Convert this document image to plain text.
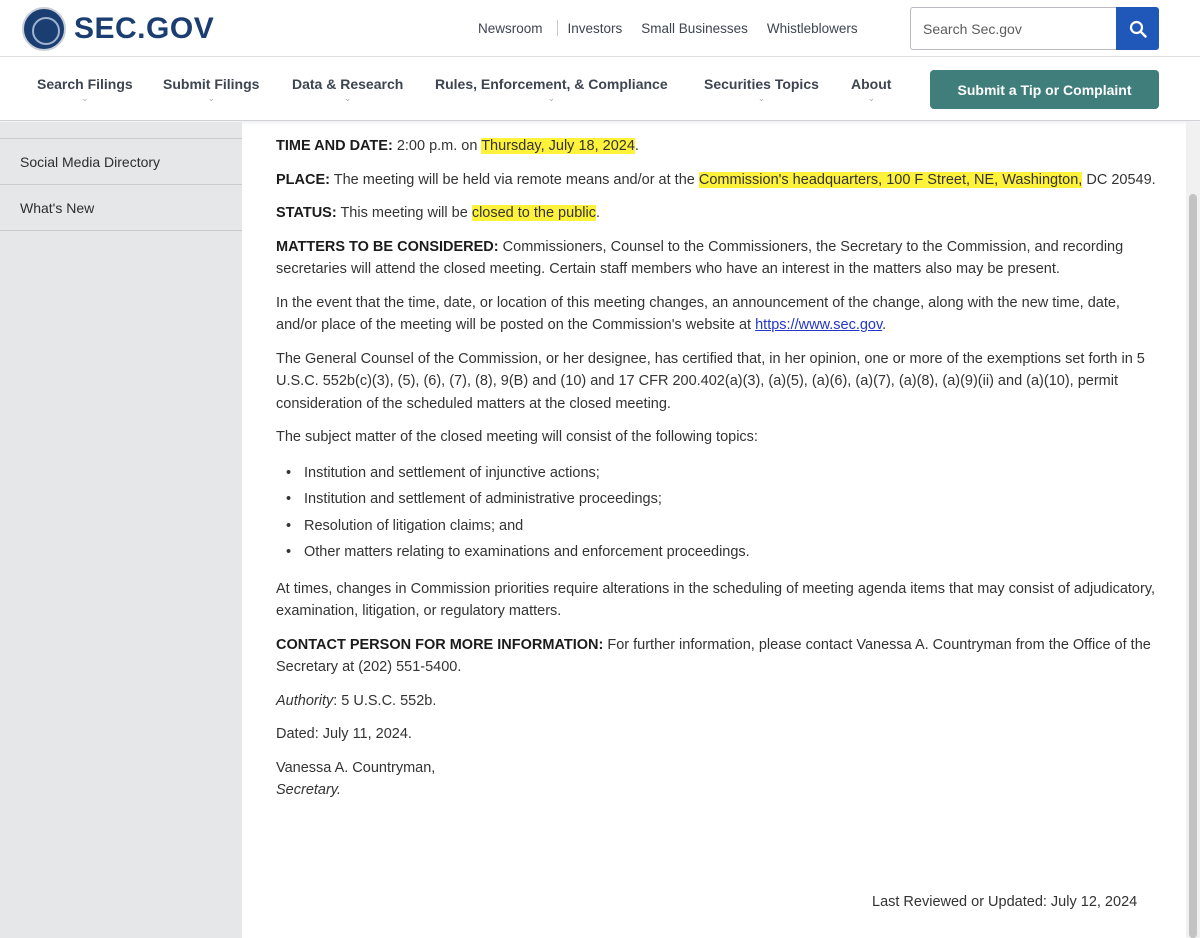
SEC.GOV	Newsroom Investors Small Businesses Whistleblowers
Search Sec.gov
Search Filings
⌄
Submit Filings
⌄
Data & Research
⌄
Rules, Enforcement, & Compliance
⌄
Securities Topics
⌄
About
⌄
Submit a Tip or Complaint
Social Media Directory
What's New

TIME AND DATE: 2:00 p.m. on Thursday, July 18, 2024.

PLACE: The meeting will be held via remote means and/or at the Commission's headquarters, 100 F Street, NE, Washington, DC 20549.

STATUS: This meeting will be closed to the public.

MATTERS TO BE CONSIDERED: Commissioners, Counsel to the Commissioners, the Secretary to the Commission, and recording secretaries will attend the closed meeting. Certain staff members who have an interest in the matters also may be present.

In the event that the time, date, or location of this meeting changes, an announcement of the change, along with the new time, date, and/or place of the meeting will be posted on the Commission's website at https://www.sec.gov.

The General Counsel of the Commission, or her designee, has certified that, in her opinion, one or more of the exemptions set forth in 5 U.S.C. 552b(c)(3), (5), (6), (7), (8), 9(B) and (10) and 17 CFR 200.402(a)(3), (a)(5), (a)(6), (a)(7), (a)(8), (a)(9)(ii) and (a)(10), permit consideration of the scheduled matters at the closed meeting.

The subject matter of the closed meeting will consist of the following topics:

• Institution and settlement of injunctive actions;
• Institution and settlement of administrative proceedings;
• Resolution of litigation claims; and
• Other matters relating to examinations and enforcement proceedings.

At times, changes in Commission priorities require alterations in the scheduling of meeting agenda items that may consist of adjudicatory, examination, litigation, or regulatory matters.

CONTACT PERSON FOR MORE INFORMATION: For further information, please contact Vanessa A. Countryman from the Office of the Secretary at (202) 551-5400.

Authority: 5 U.S.C. 552b.

Dated: July 11, 2024.

Vanessa A. Countryman,
Secretary.

Last Reviewed or Updated: July 12, 2024
